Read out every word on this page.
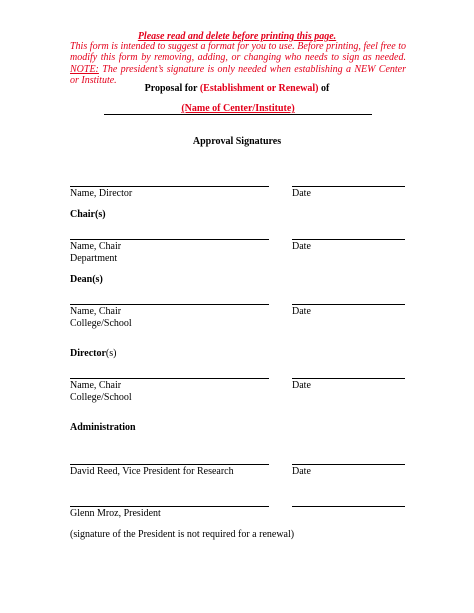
Please read and delete before printing this page.
This form is intended to suggest a format for you to use. Before printing, feel free to modify this form by removing, adding, or changing who needs to sign as needed. NOTE: The president’s signature is only needed when establishing a NEW Center or Institute.
Proposal for (Establishment or Renewal) of
(Name of Center/Institute)
Approval Signatures
Name, Director	Date
Chair(s)
Name, Chair	Date
Department
Dean(s)
Name, Chair	Date
College/School
Director(s)
Name, Chair	Date
College/School
Administration
David Reed, Vice President for Research	Date
Glenn Mroz, President
(signature of the President is not required for a renewal)
